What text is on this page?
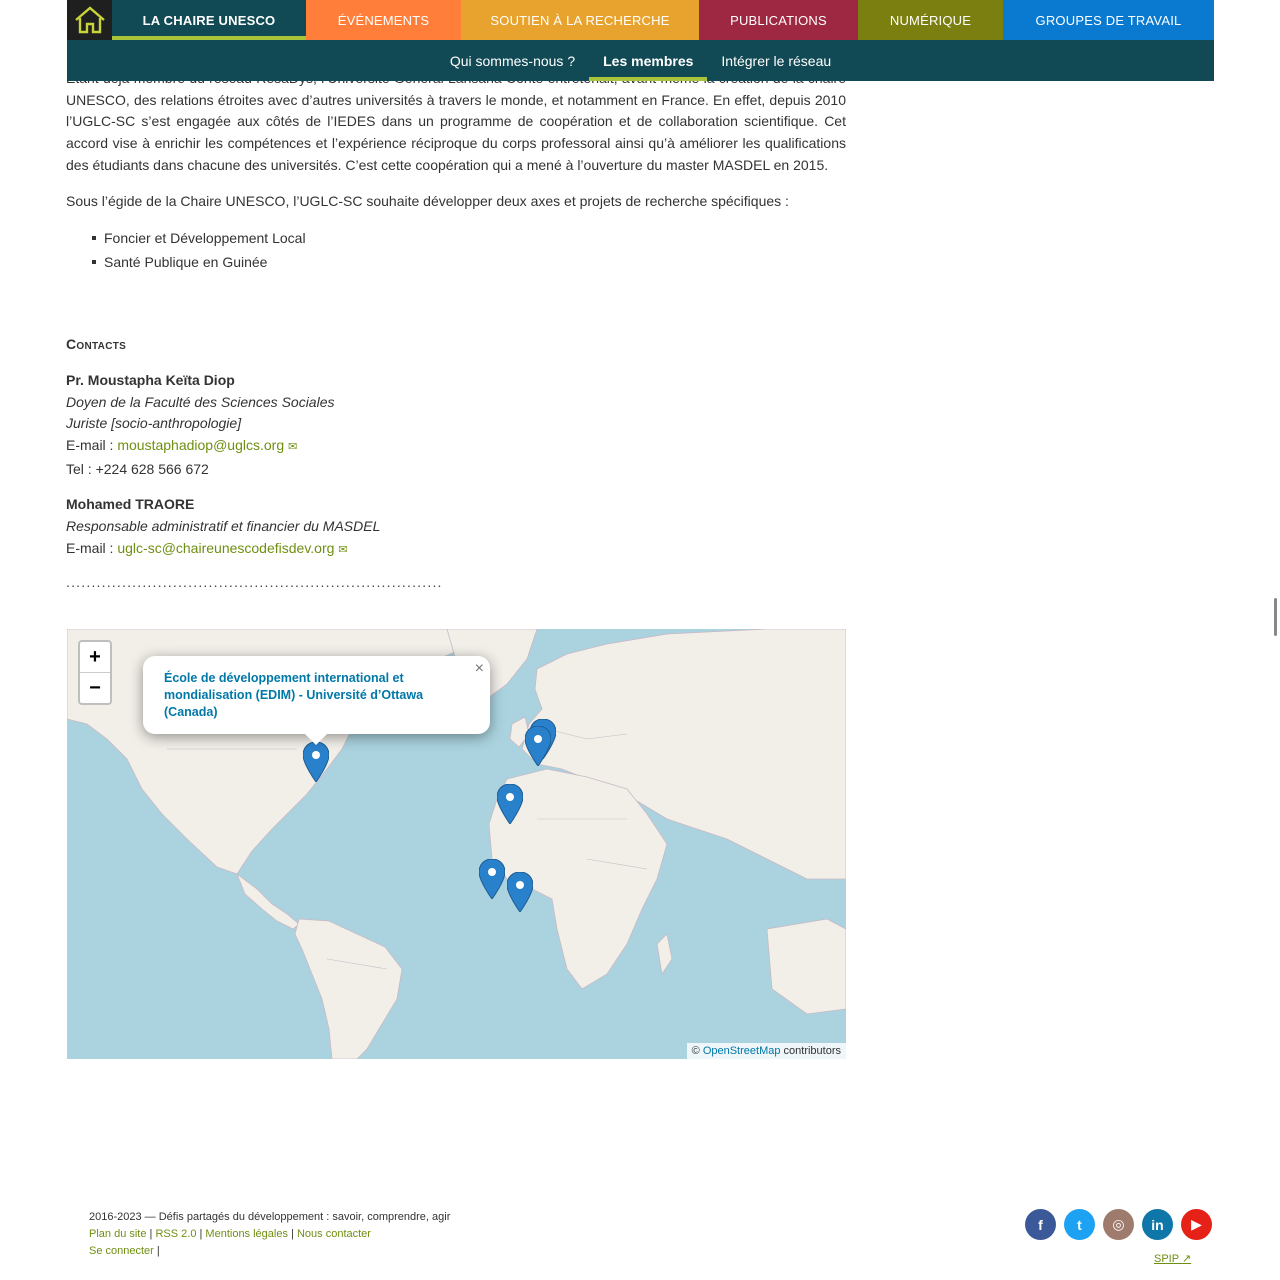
UNESCO, des relations étroites avec d’autres universités à travers le monde, et notamment en France. En effet, depuis 2010 l’UGLC-SC s’est engagée aux côtés de l’IEDES dans un programme de coopération et de collaboration scientifique. Cet accord vise à enrichir les compétences et l’expérience réciproque du corps professoral ainsi qu’à améliorer les qualifications des étudiants dans chacune des universités. C’est cette coopération qui a mené à l’ouverture du master MASDEL en 2015.

Sous l’égide de la Chaire UNESCO, l’UGLC-SC souhaite développer deux axes et projets de recherche spécifiques :

Foncier et Développement Local
Santé Publique en Guinée

Contacts

Pr. Moustapha Keïta Diop
Doyen de la Faculté des Sciences Sociales
Juriste [socio-anthropologie]
E-mail : moustaphadiop@uglcs.org ✉
Tel : +224 628 566 672

Mohamed TRAORE
Responsable administratif et financier du MASDEL
E-mail : uglc-sc@chaireunescodefisdev.org ✉

..........................................................................

LA CHAIRE UNESCO	ÉVÉNEMENTS	SOUTIEN À LA RECHERCHE	PUBLICATIONS	NUMÉRIQUE	GROUPES DE TRAVAIL
Qui sommes-nous ?	Les membres	Intégrer le réseau
+
−	École de développement international et mondialisation (EDIM) - Université d’Ottawa (Canada)
×
© OpenStreetMap contributors
2016-2023 — Défis partagés du développement : savoir, comprendre, agir
Plan du site | RSS 2.0 | Mentions légales | Nous contacter
Se connecter |
f	t	◎	in	▶
SPIP ↗
